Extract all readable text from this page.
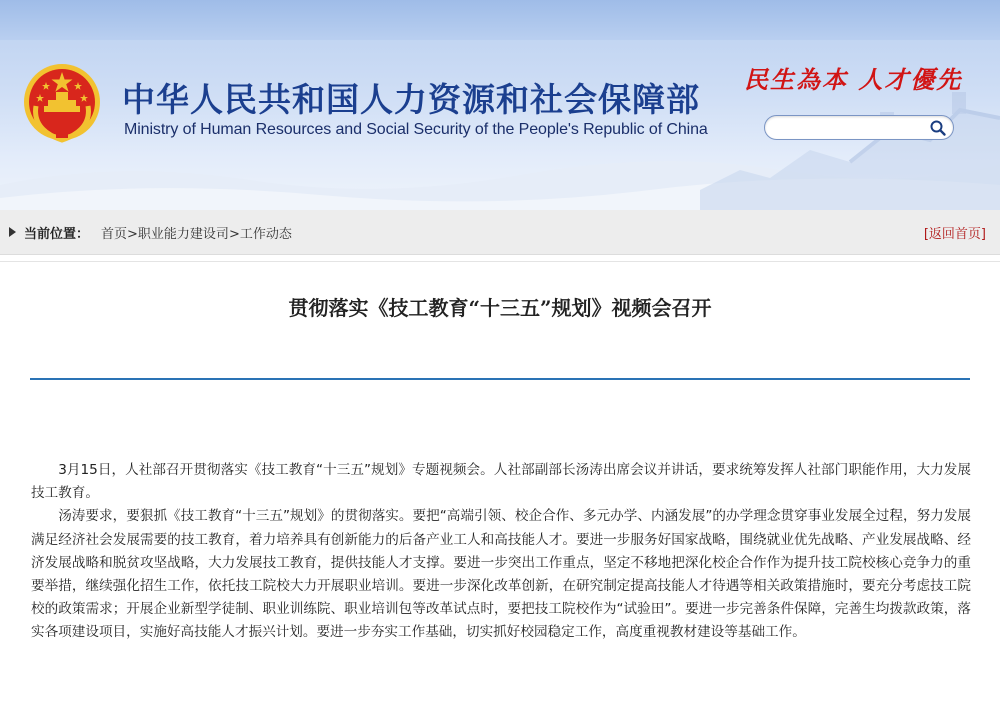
中华人民共和国人力资源和社会保障部
Ministry of Human Resources and Social Security of the People's Republic of China
民生為本 人才優先
当前位置： 首页>职业能力建设司>工作动态	[返回首页]
贯彻落实《技工教育“十三五”规划》视频会召开

3月15日，人社部召开贯彻落实《技工教育“十三五”规划》专题视频会。人社部副部长汤涛出席会议并讲话，要求统筹发挥人社部门职能作用，大力发展技工教育。

汤涛要求，要狠抓《技工教育“十三五”规划》的贯彻落实。要把“高端引领、校企合作、多元办学、内涵发展”的办学理念贯穿事业发展全过程，努力发展满足经济社会发展需要的技工教育，着力培养具有创新能力的后备产业工人和高技能人才。要进一步服务好国家战略，围绕就业优先战略、产业发展战略、经济发展战略和脱贫攻坚战略，大力发展技工教育，提供技能人才支撑。要进一步突出工作重点，坚定不移地把深化校企合作作为提升技工院校核心竞争力的重要举措，继续强化招生工作，依托技工院校大力开展职业培训。要进一步深化改革创新，在研究制定提高技能人才待遇等相关政策措施时，要充分考虑技工院校的政策需求；开展企业新型学徒制、职业训练院、职业培训包等改革试点时，要把技工院校作为“试验田”。要进一步完善条件保障，完善生均拨款政策，落实各项建设项目，实施好高技能人才振兴计划。要进一步夯实工作基础，切实抓好校园稳定工作，高度重视教材建设等基础工作。
